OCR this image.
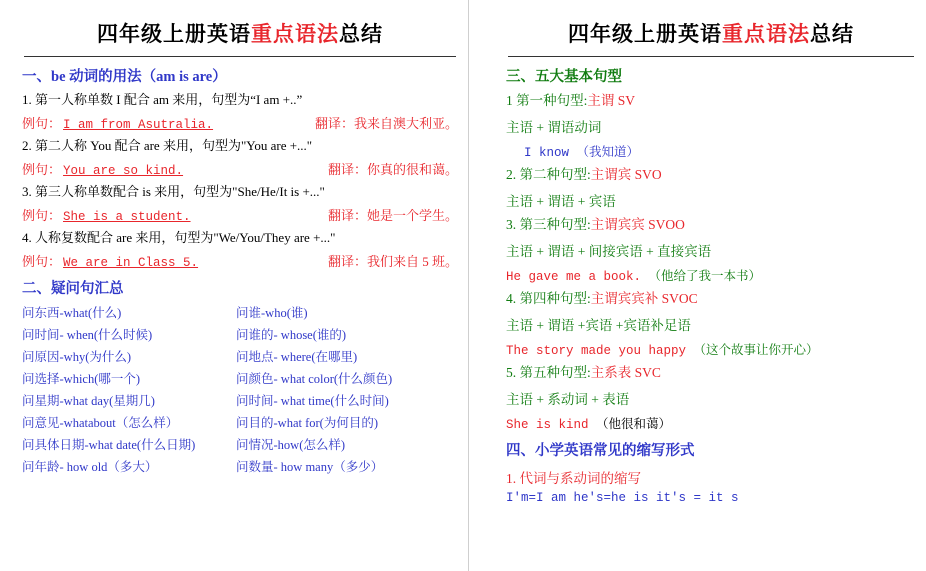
四年级上册英语重点语法总结
一、be 动词的用法（am is are）
1. 第一人称单数 I 配合 am 来用，句型为“I am +..”
例句： I am from Asutralia.	翻译： 我来自澳大利亚。
2. 第二人称 You 配合 are 来用，句型为"You are +..."
例句： You are so kind.	翻译： 你真的很和蔼。
3. 第三人称单数配合 is 来用，句型为"She/He/It is +..."
例句： She is a student.	翻译： 她是一个学生。
4. 人称复数配合 are 来用，句型为"We/You/They are +..."
例句： We are in Class 5.	翻译： 我们来自 5 班。
二、疑问句汇总
问东西-what(什么)	问谁-who(谁)
问时间- when(什么时候)	问谁的- whose(谁的)
问原因-why(为什么)	问地点- where(在哪里)
问选择-which(哪一个)	问颜色- what color(什么颜色)
问星期-what day(星期几)	问时间- what time(什么时间)
问意见-whatabout（怎么样）	问目的-what for(为何目的)
问具体日期-what date(什么日期)	问情况-how(怎么样)
问年龄- how old（多大）	问数量- how many（多少）
四年级上册英语重点语法总结
三、五大基本句型
1 第一种句型:主谓 SV
主语 + 谓语动词
I know （我知道）
2. 第二种句型:主谓宾 SVO
主语 + 谓语 + 宾语
3. 第三种句型:主谓宾宾 SVOO
主语 + 谓语 + 间接宾语 + 直接宾语
He gave me a book. （他给了我一本书）
4. 第四种句型:主谓宾宾补 SVOC
主语 + 谓语 +宾语 +宾语补足语
The story made you happy （这个故事让你开心）
5. 第五种句型:主系表 SVC
主语 + 系动词 + 表语
She is kind （他很和蔼）
四、小学英语常见的缩写形式
1. 代词与系动词的缩写
I'm=I am he's=he is it's = it s
